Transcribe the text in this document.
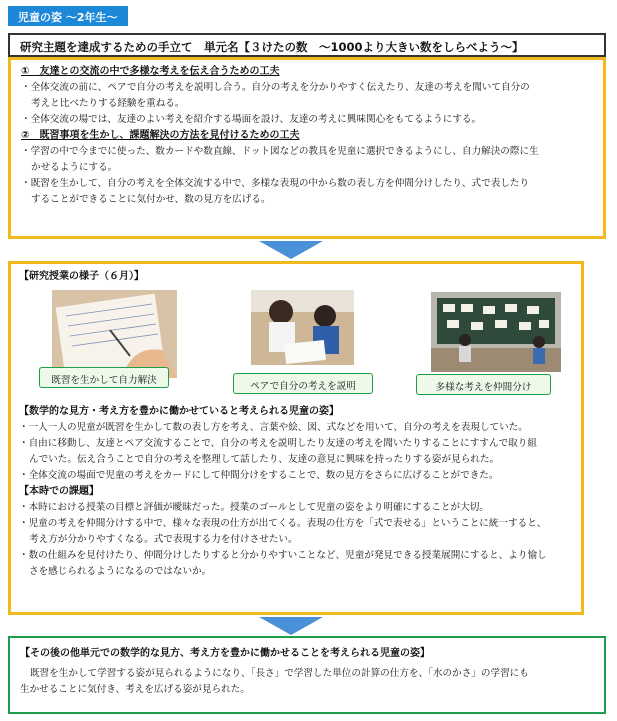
児童の姿 ～2年生～
研究主題を達成するための手立て　単元名【３けたの数　～1000より大きい数をしらべよう～】
①　友達との交流の中で多様な考えを伝え合うための工夫
・全体交流の前に、ペアで自分の考えを説明し合う。自分の考えを分かりやすく伝えたり、友達の考えを聞いて自分の
考えと比べたりする経験を重ねる。
・全体交流の場では、友達のよい考えを紹介する場面を設け、友達の考えに興味関心をもてるようにする。
②　既習事項を生かし、課題解決の方法を見付けるための工夫
・学習の中で今までに使った、数カードや数直線、ドット図などの教具を児童に選択できるようにし、自力解決の際に生
かせるようにする。
・既習を生かして、自分の考えを全体交流する中で、多様な表現の中から数の表し方を仲間分けしたり、式で表したり
することができることに気付かせ、数の見方を広げる。
【研究授業の様子（６月）】
既習を生かして自力解決
ペアで自分の考えを説明	多様な考えを仲間分け
【数学的な見方・考え方を豊かに働かせていると考えられる児童の姿】
・一人一人の児童が既習を生かして数の表し方を考え、言葉や絵、図、式などを用いて、自分の考えを表現していた。
・自由に移動し、友達とペア交流することで、自分の考えを説明したり友達の考えを聞いたりすることにすすんで取り組
んでいた。伝え合うことで自分の考えを整理して話したり、友達の意見に興味を持ったりする姿が見られた。
・全体交流の場面で児童の考えをカードにして仲間分けをすることで、数の見方をさらに広げることができた。
【本時での課題】
・本時における授業の目標と評価が曖昧だった。授業のゴールとして児童の姿をより明確にすることが大切。
・児童の考えを仲間分けする中で、様々な表現の仕方が出てくる。表現の仕方を「式で表せる」ということに統一すると、
考え方が分かりやすくなる。式で表現する力を付けさせたい。
・数の仕組みを見付けたり、仲間分けしたりすると分かりやすいことなど、児童が発見できる授業展開にすると、より愉し
さを感じられるようになるのではないか。
【その後の他単元での数学的な見方、考え方を豊かに働かせることを考えられる児童の姿】
既習を生かして学習する姿が見られるようになり、「長さ」で学習した単位の計算の仕方を、「水のかさ」の学習にも
生かせることに気付き、考えを広げる姿が見られた。
